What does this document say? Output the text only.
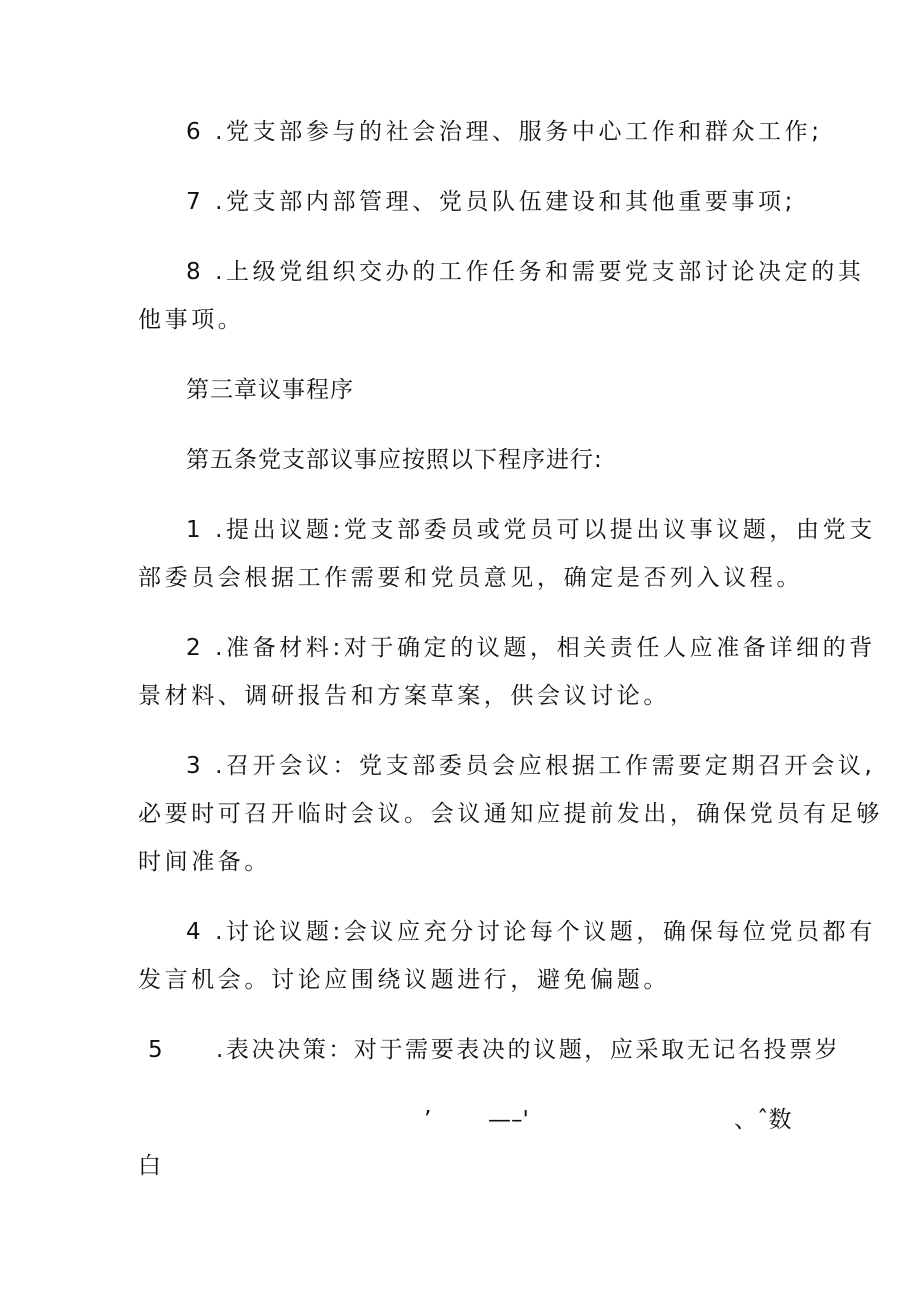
6 .党支部参与的社会治理、服务中心工作和群众工作;
7 .党支部内部管理、党员队伍建设和其他重要事项;
8 .上级党组织交办的工作任务和需要党支部讨论决定的其
他事项。
第三章议事程序
第五条党支部议事应按照以下程序进行:
1 .提出议题:党支部委员或党员可以提出议事议题，由党支
部委员会根据工作需要和党员意见，确定是否列入议程。
2 .准备材料:对于确定的议题，相关责任人应准备详细的背
景材料、调研报告和方案草案，供会议讨论。
3 .召开会议：党支部委员会应根据工作需要定期召开会议,
必要时可召开临时会议。会议通知应提前发出，确保党员有足够
时间准备。
4 .讨论议题:会议应充分讨论每个议题，确保每位党员都有
发言机会。讨论应围绕议题进行，避免偏题。
5 .表决决策：对于需要表决的议题，应采取无记名投票岁
’ —⁠–'	、ˆ数
白
